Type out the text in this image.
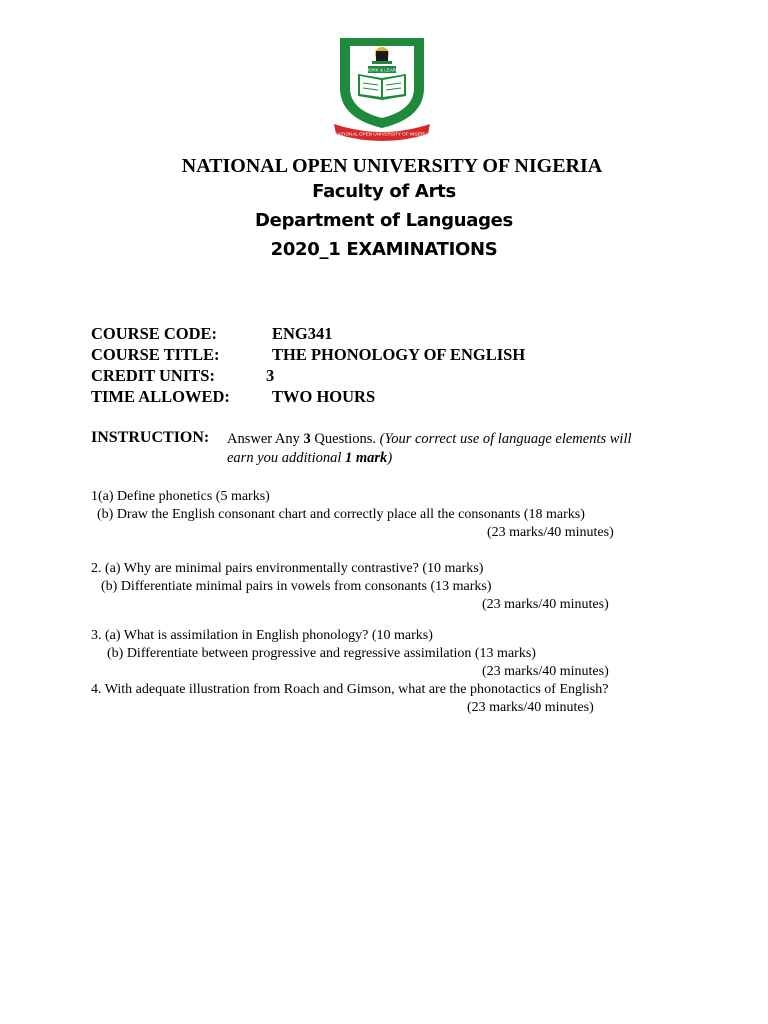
WORK & LEARN
NATIONAL OPEN UNIVERSITY OF NIGERIA
NATIONAL OPEN UNIVERSITY OF NIGERIA
Faculty of Arts
Department of Languages
2020_1 EXAMINATIONS
COURSE CODE:	ENG341
COURSE TITLE:	THE PHONOLOGY OF ENGLISH
CREDIT UNITS:	3
TIME ALLOWED:	TWO HOURS
INSTRUCTION: Answer Any 3 Questions. (Your correct use of language elements will
earn you additional 1 mark)
1(a) Define phonetics (5 marks)
(b) Draw the English consonant chart and correctly place all the consonants (18 marks)
(23 marks/40 minutes)
2. (a) Why are minimal pairs environmentally contrastive? (10 marks)
(b) Differentiate minimal pairs in vowels from consonants (13 marks)
(23 marks/40 minutes)
3. (a) What is assimilation in English phonology? (10 marks)
(b) Differentiate between progressive and regressive assimilation (13 marks)
(23 marks/40 minutes)
4. With adequate illustration from Roach and Gimson, what are the phonotactics of English?
(23 marks/40 minutes)
